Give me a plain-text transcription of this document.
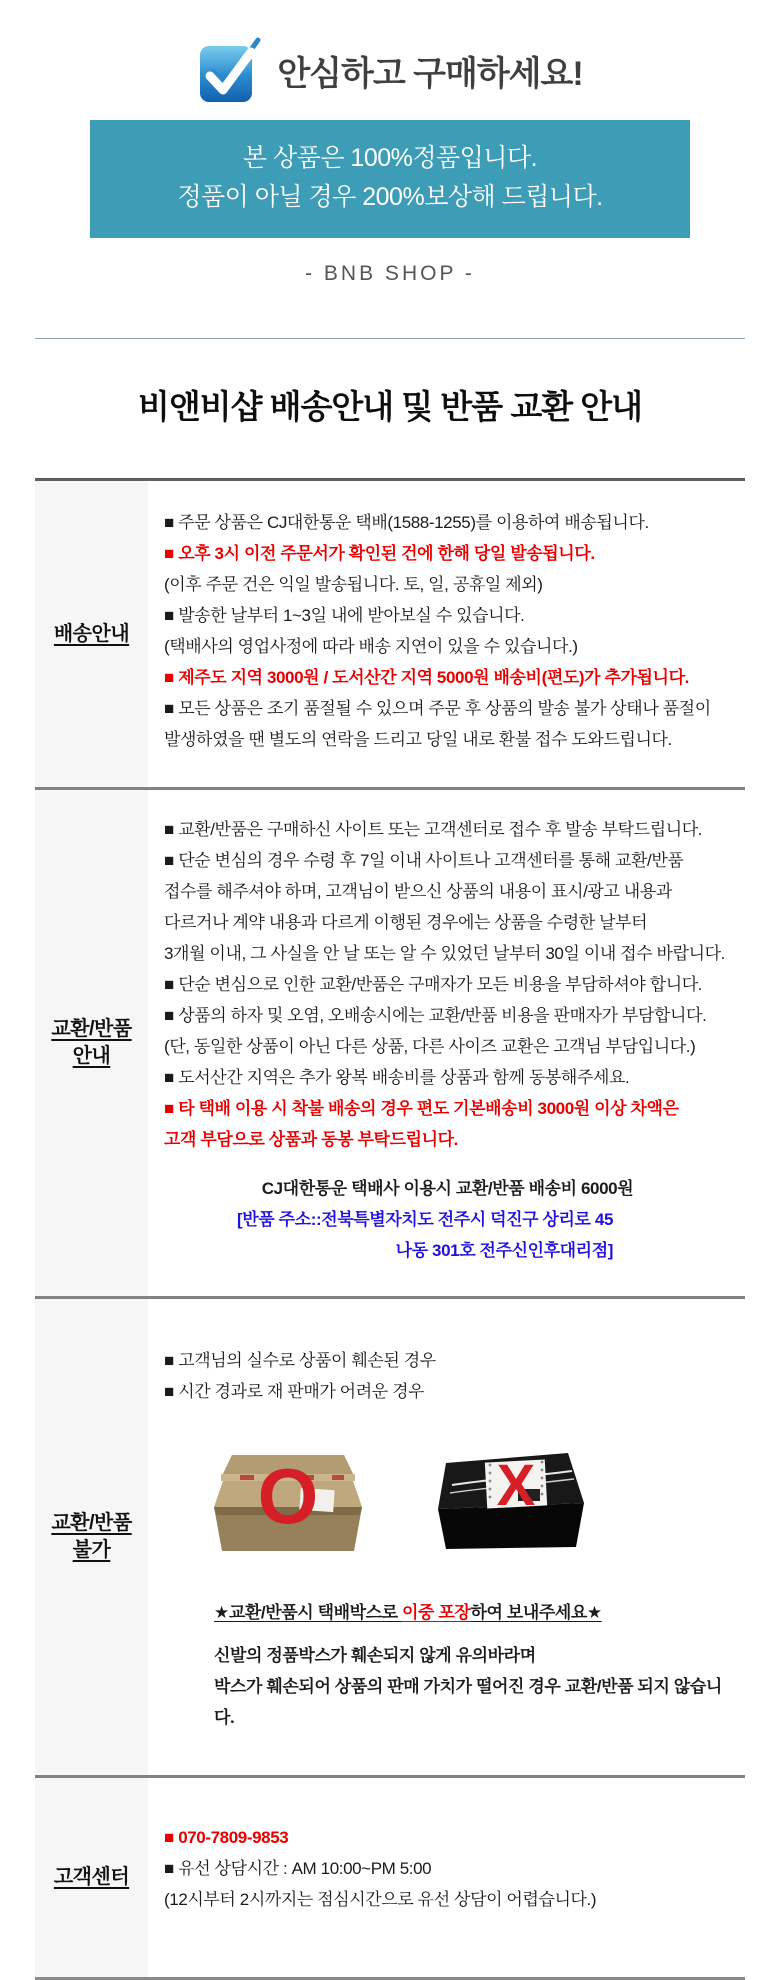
안심하고 구매하세요!
본 상품은 100%정품입니다.
정품이 아닐 경우 200%보상해 드립니다.
- BNB SHOP -
비앤비샵 배송안내 및 반품 교환 안내
배송안내
■ 주문 상품은 CJ대한통운 택배(1588-1255)를 이용하여 배송됩니다.
■ 오후 3시 이전 주문서가 확인된 건에 한해 당일 발송됩니다.
(이후 주문 건은 익일 발송됩니다. 토, 일, 공휴일 제외)
■ 발송한 날부터 1~3일 내에 받아보실 수 있습니다.
(택배사의 영업사정에 따라 배송 지연이 있을 수 있습니다.)
■ 제주도 지역 3000원 / 도서산간 지역 5000원 배송비(편도)가 추가됩니다.
■ 모든 상품은 조기 품절될 수 있으며 주문 후 상품의 발송 불가 상태나 품절이
발생하였을 땐 별도의 연락을 드리고 당일 내로 환불 접수 도와드립니다.
교환/반품
안내
■ 교환/반품은 구매하신 사이트 또는 고객센터로 접수 후 발송 부탁드립니다.
■ 단순 변심의 경우 수령 후 7일 이내 사이트나 고객센터를 통해 교환/반품
접수를 해주셔야 하며, 고객님이 받으신 상품의 내용이 표시/광고 내용과
다르거나 계약 내용과 다르게 이행된 경우에는 상품을 수령한 날부터
3개월 이내, 그 사실을 안 날 또는 알 수 있었던 날부터 30일 이내 접수 바랍니다.
■ 단순 변심으로 인한 교환/반품은 구매자가 모든 비용을 부담하셔야 합니다.
■ 상품의 하자 및 오염, 오배송시에는 교환/반품 비용을 판매자가 부담합니다.
(단, 동일한 상품이 아닌 다른 상품, 다른 사이즈 교환은 고객님 부담입니다.)
■ 도서산간 지역은 추가 왕복 배송비를 상품과 함께 동봉해주세요.
■ 타 택배 이용 시 착불 배송의 경우 편도 기본배송비 3000원 이상 차액은
고객 부담으로 상품과 동봉 부탁드립니다.
CJ대한통운 택배사 이용시 교환/반품 배송비 6000원
[반품 주소::전북특별자치도 전주시 덕진구 상리로 45
나동 301호 전주신인후대리점]
교환/반품
불가
■ 고객님의 실수로 상품이 훼손된 경우
■ 시간 경과로 재 판매가 어려운 경우
O	X
★교환/반품시 택배박스로 이중 포장하여 보내주세요★
신발의 정품박스가 훼손되지 않게 유의바라며
박스가 훼손되어 상품의 판매 가치가 떨어진 경우 교환/반품 되지 않습니다.
고객센터
■ 070-7809-9853
■ 유선 상담시간 : AM 10:00~PM 5:00
(12시부터 2시까지는 점심시간으로 유선 상담이 어렵습니다.)
